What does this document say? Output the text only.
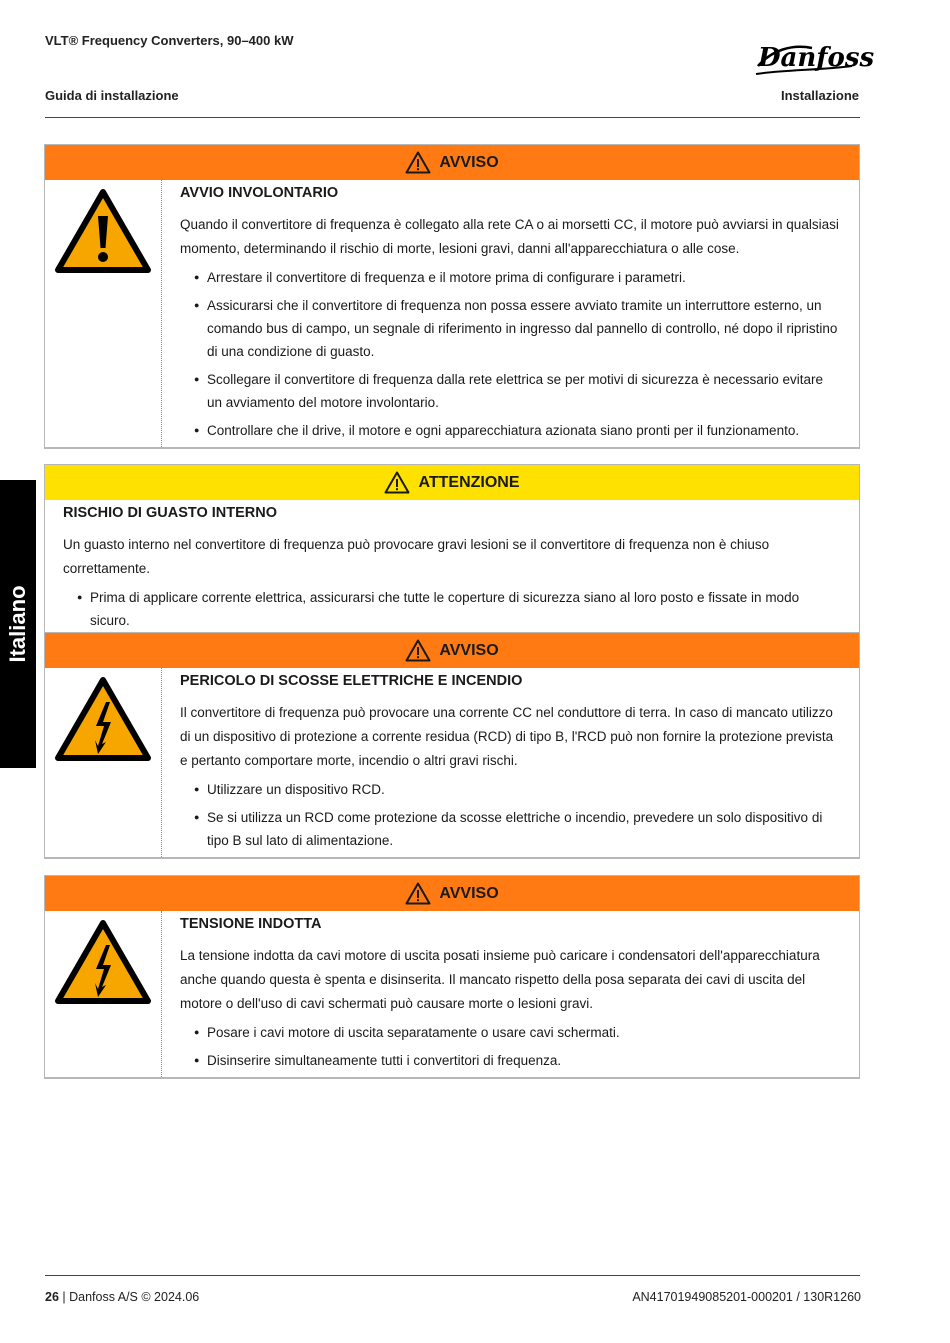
VLT® Frequency Converters, 90–400 kW
Danfoss
Guida di installazione	Installazione
Italiano
AVVISO
AVVIO INVOLONTARIO

Quando il convertitore di frequenza è collegato alla rete CA o ai morsetti CC, il motore può avviarsi in qualsiasi momento, determinando il rischio di morte, lesioni gravi, danni all'apparecchiatura o alle cose.

● Arrestare il convertitore di frequenza e il motore prima di configurare i parametri.
● Assicurarsi che il convertitore di frequenza non possa essere avviato tramite un interruttore esterno, un comando bus di campo, un segnale di riferimento in ingresso dal pannello di controllo, né dopo il ripristino di una condizione di guasto.
● Scollegare il convertitore di frequenza dalla rete elettrica se per motivi di sicurezza è necessario evitare un avviamento del motore involontario.
● Controllare che il drive, il motore e ogni apparecchiatura azionata siano pronti per il funzionamento.
ATTENZIONE
RISCHIO DI GUASTO INTERNO

Un guasto interno nel convertitore di frequenza può provocare gravi lesioni se il convertitore di frequenza non è chiuso correttamente.

● Prima di applicare corrente elettrica, assicurarsi che tutte le coperture di sicurezza siano al loro posto e fissate in modo sicuro.
AVVISO
PERICOLO DI SCOSSE ELETTRICHE E INCENDIO

Il convertitore di frequenza può provocare una corrente CC nel conduttore di terra. In caso di mancato utilizzo di un dispositivo di protezione a corrente residua (RCD) di tipo B, l'RCD può non fornire la protezione prevista e pertanto comportare morte, incendio o altri gravi rischi.

● Utilizzare un dispositivo RCD.
● Se si utilizza un RCD come protezione da scosse elettriche o incendio, prevedere un solo dispositivo di tipo B sul lato di alimentazione.
AVVISO
TENSIONE INDOTTA

La tensione indotta da cavi motore di uscita posati insieme può caricare i condensatori dell'apparecchiatura anche quando questa è spenta e disinserita. Il mancato rispetto della posa separata dei cavi di uscita del motore o dell'uso di cavi schermati può causare morte o lesioni gravi.

● Posare i cavi motore di uscita separatamente o usare cavi schermati.
● Disinserire simultaneamente tutti i convertitori di frequenza.
26 | Danfoss A/S © 2024.06	AN41701949085201-000201 / 130R1260
